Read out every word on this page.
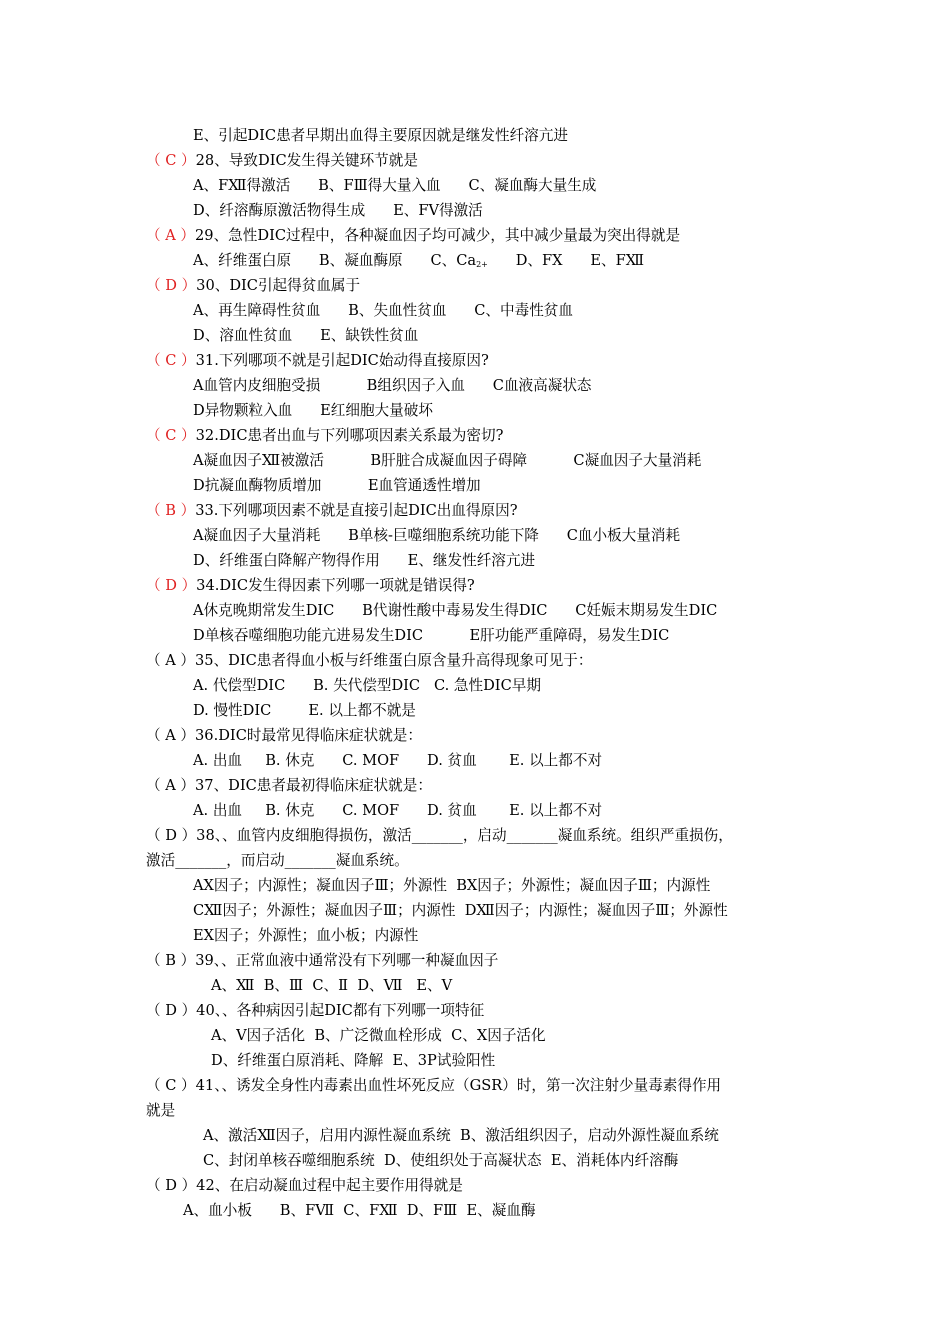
E、引起DIC患者早期出血得主要原因就是继发性纤溶亢进
（ C ）28、导致DIC发生得关键环节就是
A、FⅫ得激活      B、FⅢ得大量入血      C、凝血酶大量生成
D、纤溶酶原激活物得生成      E、FV得激活
（ A ）29、急性DIC过程中，各种凝血因子均可减少，其中减少量最为突出得就是
A、纤维蛋白原      B、凝血酶原      C、$Ca_{2+}$      D、FⅩ      E、FⅫ
（ D ）30、DIC引起得贫血属于
A、再生障碍性贫血      B、失血性贫血      C、中毒性贫血
D、溶血性贫血      E、缺铁性贫血
（ C ）31.下列哪项不就是引起DIC始动得直接原因?
A血管内皮细胞受损          B组织因子入血      C血液高凝状态
D异物颗粒入血      E红细胞大量破坏
（ C ）32.DIC患者出血与下列哪项因素关系最为密切?
A凝血因子Ⅻ被激活          B肝脏合成凝血因子碍障          C凝血因子大量消耗
D抗凝血酶物质增加          E血管通透性增加
（ B ）33.下列哪项因素不就是直接引起DIC出血得原因?
A凝血因子大量消耗      B单核-巨噬细胞系统功能下降      C血小板大量消耗
D、纤维蛋白降解产物得作用      E、继发性纤溶亢进
（ D ）34.DIC发生得因素下列哪一项就是错误得?
A休克晚期常发生DIC      B代谢性酸中毒易发生得DIC      C妊娠末期易发生DIC
D单核吞噬细胞功能亢进易发生DIC          E肝功能严重障碍，易发生DIC
（ A ）35、DIC患者得血小板与纤维蛋白原含量升高得现象可见于：
A. 代偿型DIC      B. 失代偿型DIC   C. 急性DIC早期
D. 慢性DIC        E. 以上都不就是
（ A ）36.DIC时最常见得临床症状就是：
A. 出血     B. 休克      C. MOF      D. 贫血       E. 以上都不对
（ A ）37、DIC患者最初得临床症状就是：
A. 出血     B. 休克      C. MOF      D. 贫血       E. 以上都不对
（ D ）38、、血管内皮细胞得损伤，激活_______，启动_______凝血系统。组织严重损伤，
激活_______，而启动_______凝血系统。
AⅩ因子；内源性；凝血因子Ⅲ；外源性  BⅩ因子；外源性；凝血因子Ⅲ；内源性
CⅫ因子；外源性；凝血因子Ⅲ；内源性  DⅫ因子；内源性；凝血因子Ⅲ；外源性
EⅩ因子；外源性；血小板；内源性
（ B ）39、、正常血液中通常没有下列哪一种凝血因子
A、Ⅻ  B、Ⅲ  C、Ⅱ  D、Ⅶ   E、Ⅴ
（ D ）40、、各种病因引起DIC都有下列哪一项特征
A、Ⅴ因子活化  B、广泛微血栓形成  C、Ⅹ因子活化
D、纤维蛋白原消耗、降解  E、3P试验阳性
（ C ）41、、诱发全身性内毒素出血性坏死反应（GSR）时，第一次注射少量毒素得作用
就是
A、激活Ⅻ因子，启用内源性凝血系统  B、激活组织因子，启动外源性凝血系统
C、封闭单核吞噬细胞系统  D、使组织处于高凝状态  E、消耗体内纤溶酶
（ D ）42、在启动凝血过程中起主要作用得就是
A、血小板      B、FⅦ  C、FⅫ  D、FⅢ  E、凝血酶
